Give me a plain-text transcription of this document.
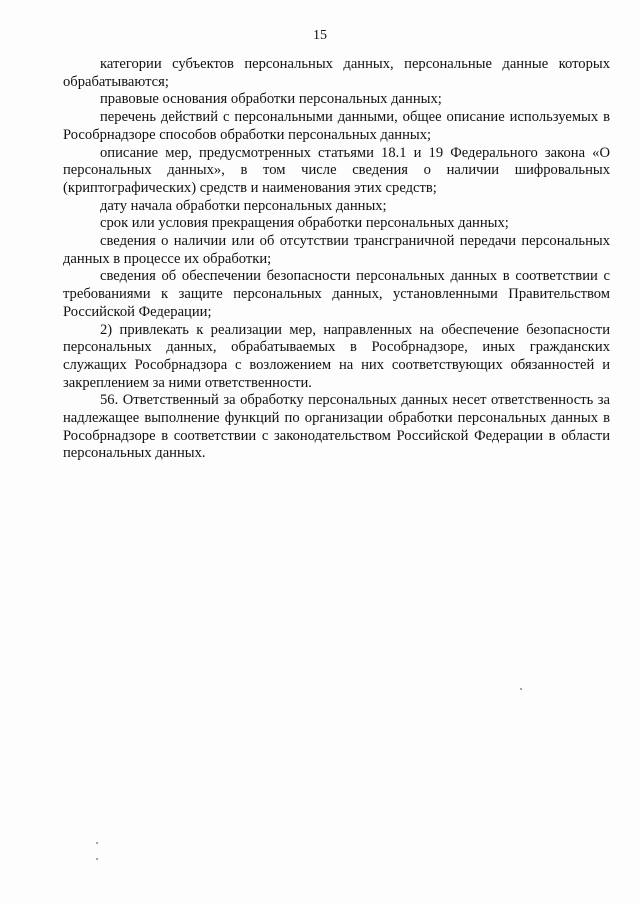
15

категории субъектов персональных данных, персональные данные которых обрабатываются;

правовые основания обработки персональных данных;

перечень действий с персональными данными, общее описание используемых в Рособрнадзоре способов обработки персональных данных;

описание мер, предусмотренных статьями 18.1 и 19 Федерального закона «О персональных данных», в том числе сведения о наличии шифровальных (криптографических) средств и наименования этих средств;

дату начала обработки персональных данных;

срок или условия прекращения обработки персональных данных;

сведения о наличии или об отсутствии трансграничной передачи персональных данных в процессе их обработки;

сведения об обеспечении безопасности персональных данных в соответствии с требованиями к защите персональных данных, установленными Правительством Российской Федерации;

2) привлекать к реализации мер, направленных на обеспечение безопасности персональных данных, обрабатываемых в Рособрнадзоре, иных гражданских служащих Рособрнадзора с возложением на них соответствующих обязанностей и закреплением за ними ответственности.

56. Ответственный за обработку персональных данных несет ответственность за надлежащее выполнение функций по организации обработки персональных данных в Рособрнадзоре в соответствии с законодательством Российской Федерации в области персональных данных.
